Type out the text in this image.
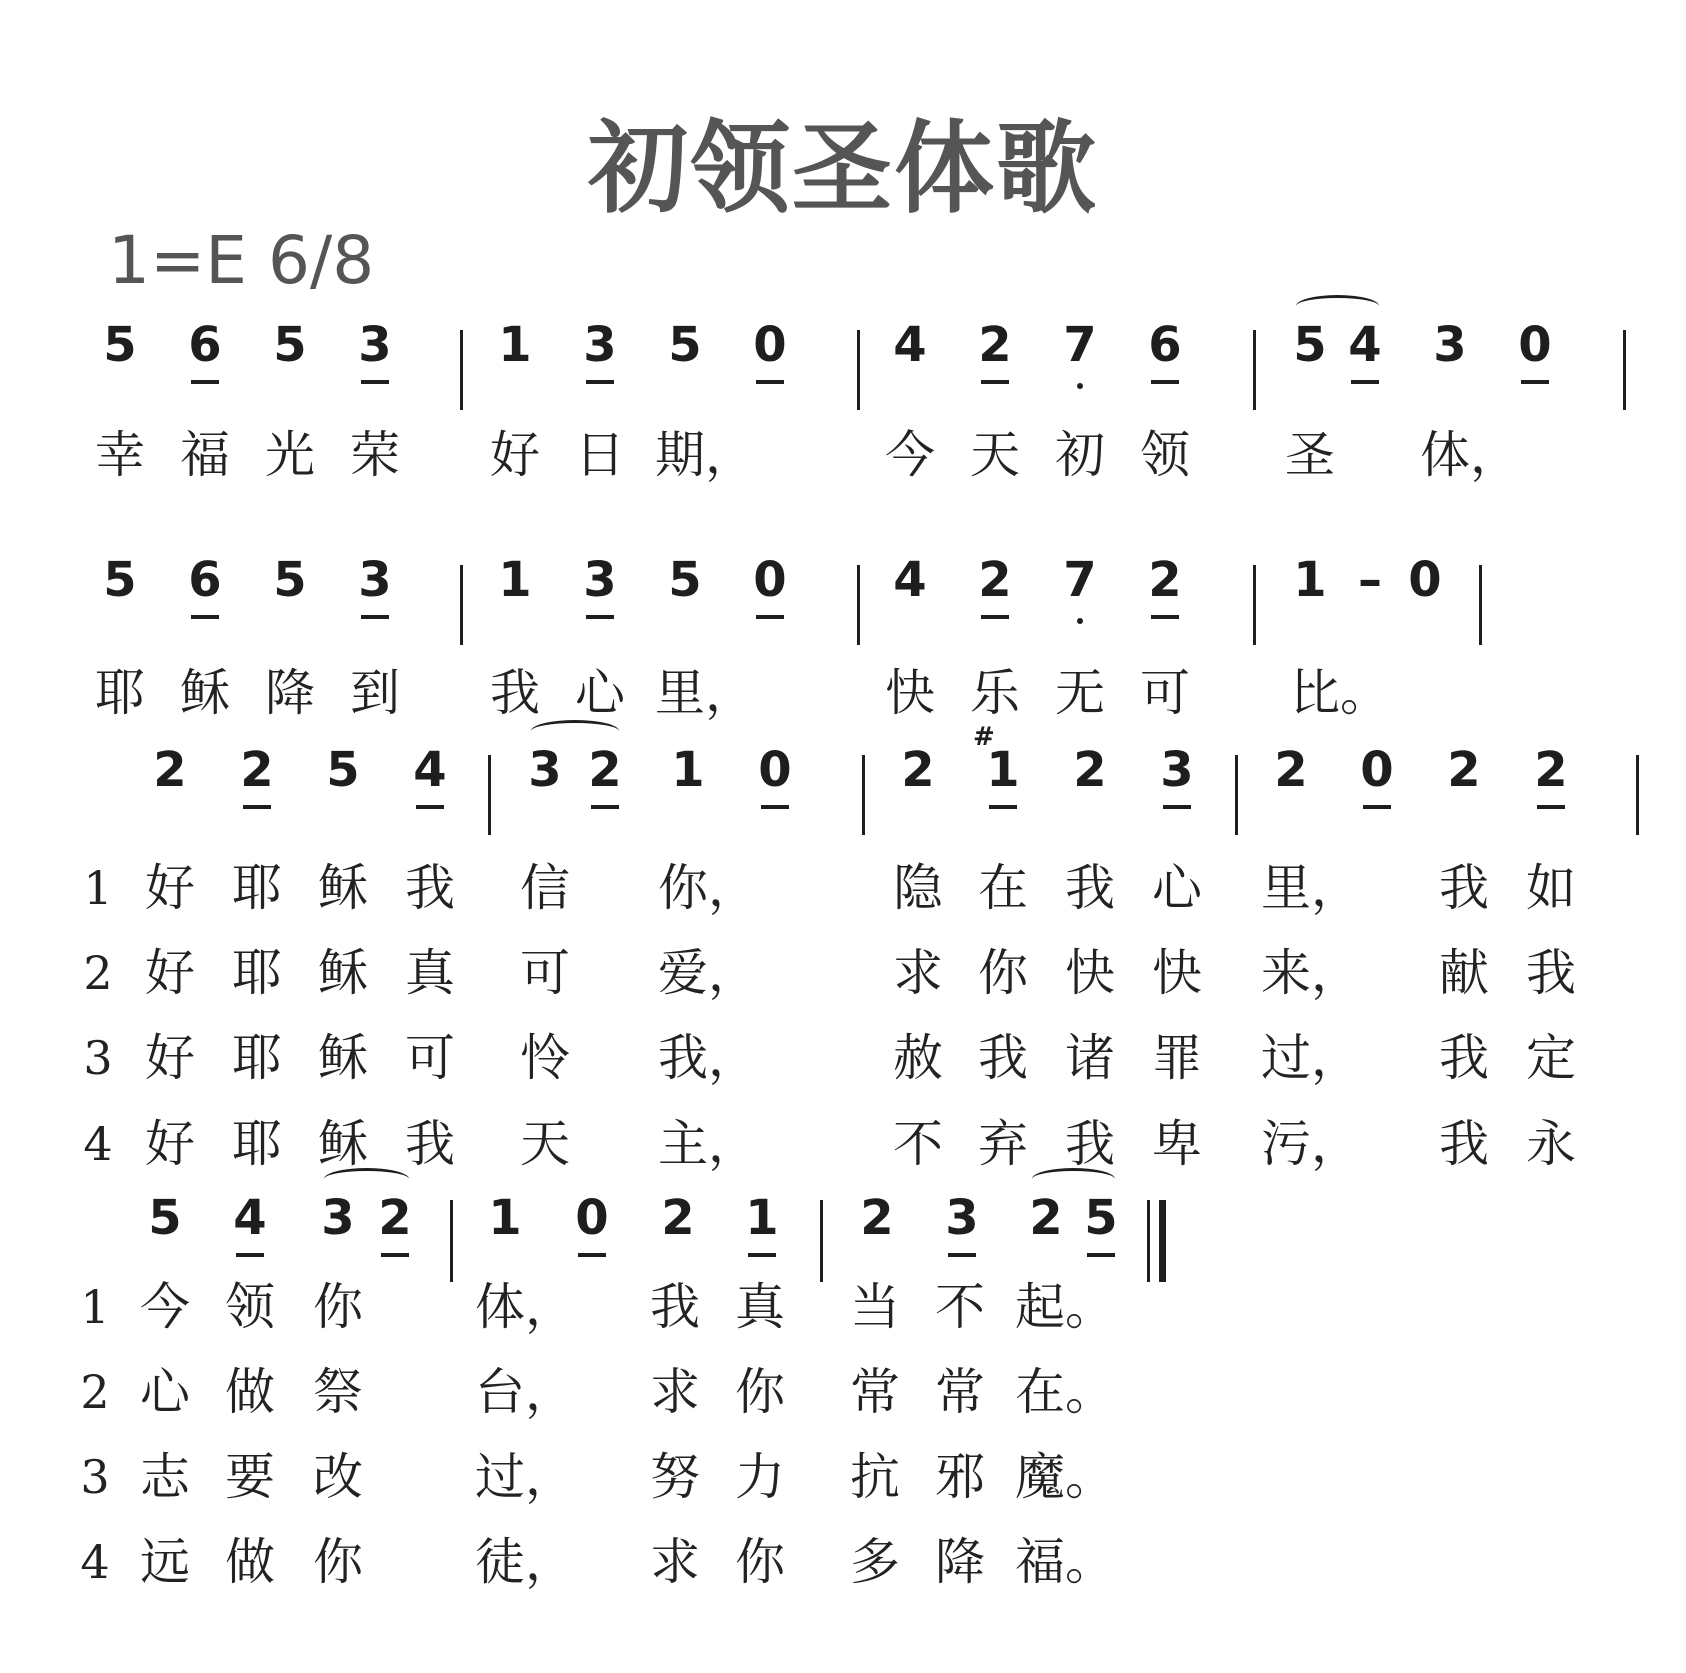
初领圣体歌
1=E 6/8
5 6 5 3 1 3 5 0 4 2 7 6 5 4 3 0
幸 福 光 荣 好 日 期，	今 天 初 领 圣 体，
5 6 5 3 1 3 5 0 4 2 7 2 1 – 0
耶 稣 降 到 我 心 里，	快 乐 无 可 比。
2 2 5 4 3 2 1 0 2 1
#
2 3 2 0 2 2
1 好 耶 稣 我 信 你，	隐 在 我 心 里， 我 如
2 好 耶 稣 真 可 爱，	求 你 快 快 来， 献 我
3 好 耶 稣 可 怜 我，	赦 我 诸 罪 过， 我 定
4 好 耶 稣 我 天 主，	不 弃 我 卑 污， 我 永
5 4 3 2 1 0 2 1 2 3 2 5
1 今 领 你 体， 我 真 当 不 起。
2 心 做 祭 台， 求 你 常 常 在。
3 志 要 改 过， 努 力 抗 邪 魔。
4 远 做 你 徒， 求 你 多 降 福。
